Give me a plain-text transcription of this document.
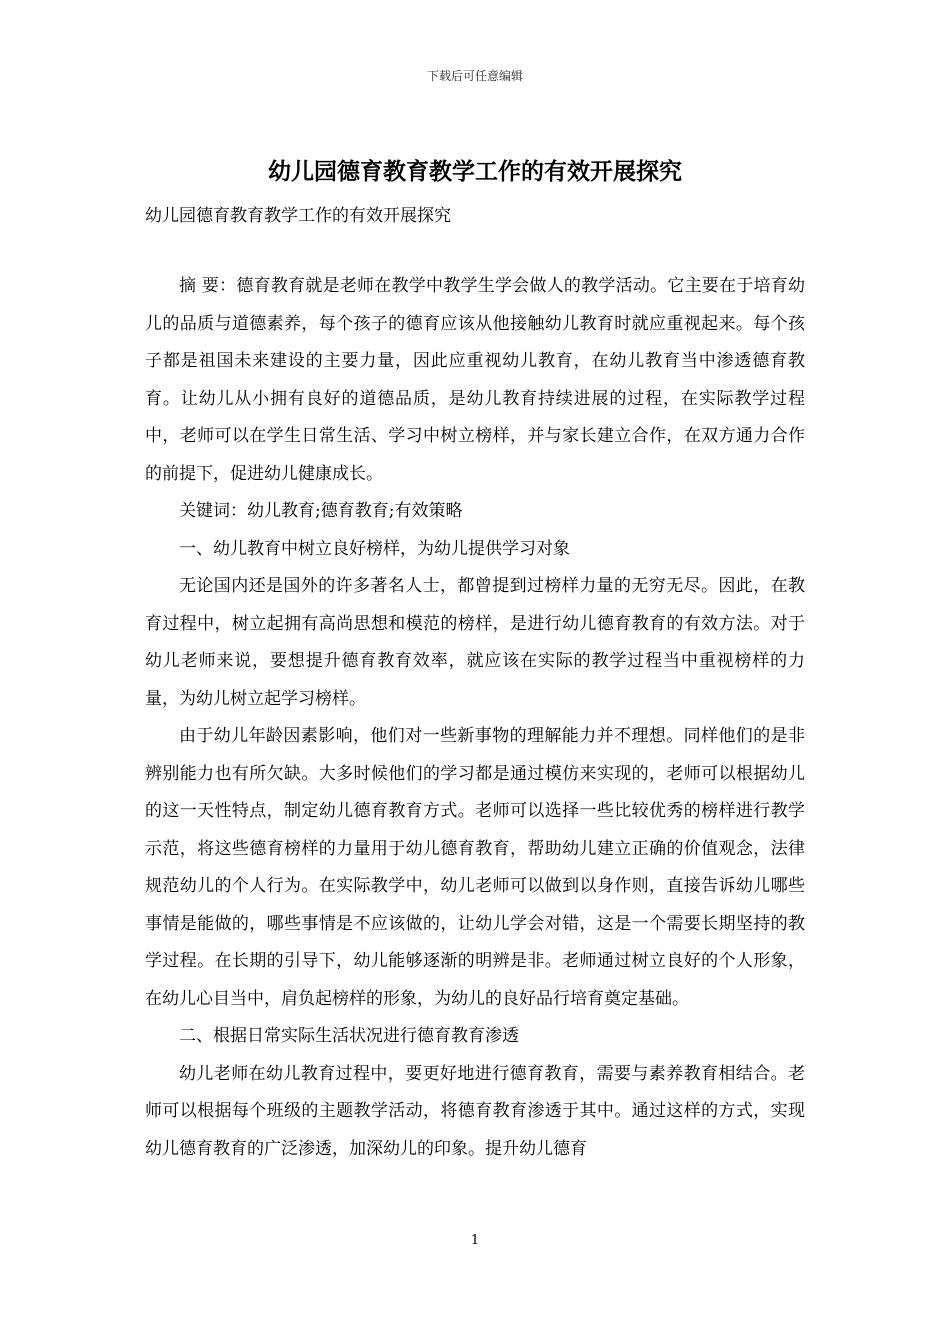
下载后可任意编辑
幼儿园德育教育教学工作的有效开展探究
幼儿园德育教育教学工作的有效开展探究

摘 要：德育教育就是老师在教学中教学生学会做人的教学活动。它主要在于培育幼儿的品质与道德素养，每个孩子的德育应该从他接触幼儿教育时就应重视起来。每个孩子都是祖国未来建设的主要力量，因此应重视幼儿教育，在幼儿教育当中渗透德育教育。让幼儿从小拥有良好的道德品质，是幼儿教育持续进展的过程，在实际教学过程中，老师可以在学生日常生活、学习中树立榜样，并与家长建立合作，在双方通力合作的前提下，促进幼儿健康成长。

关键词：幼儿教育;德育教育;有效策略

一、幼儿教育中树立良好榜样，为幼儿提供学习对象

无论国内还是国外的许多著名人士，都曾提到过榜样力量的无穷无尽。因此，在教育过程中，树立起拥有高尚思想和模范的榜样，是进行幼儿德育教育的有效方法。对于幼儿老师来说，要想提升德育教育效率，就应该在实际的教学过程当中重视榜样的力量，为幼儿树立起学习榜样。

由于幼儿年龄因素影响，他们对一些新事物的理解能力并不理想。同样他们的是非辨别能力也有所欠缺。大多时候他们的学习都是通过模仿来实现的，老师可以根据幼儿的这一天性特点，制定幼儿德育教育方式。老师可以选择一些比较优秀的榜样进行教学示范，将这些德育榜样的力量用于幼儿德育教育，帮助幼儿建立正确的价值观念，法律规范幼儿的个人行为。在实际教学中，幼儿老师可以做到以身作则，直接告诉幼儿哪些事情是能做的，哪些事情是不应该做的，让幼儿学会对错，这是一个需要长期坚持的教学过程。在长期的引导下，幼儿能够逐渐的明辨是非。老师通过树立良好的个人形象，在幼儿心目当中，肩负起榜样的形象，为幼儿的良好品行培育奠定基础。

二、根据日常实际生活状况进行德育教育渗透

幼儿老师在幼儿教育过程中，要更好地进行德育教育，需要与素养教育相结合。老师可以根据每个班级的主题教学活动，将德育教育渗透于其中。通过这样的方式，实现幼儿德育教育的广泛渗透，加深幼儿的印象。提升幼儿德育

1
